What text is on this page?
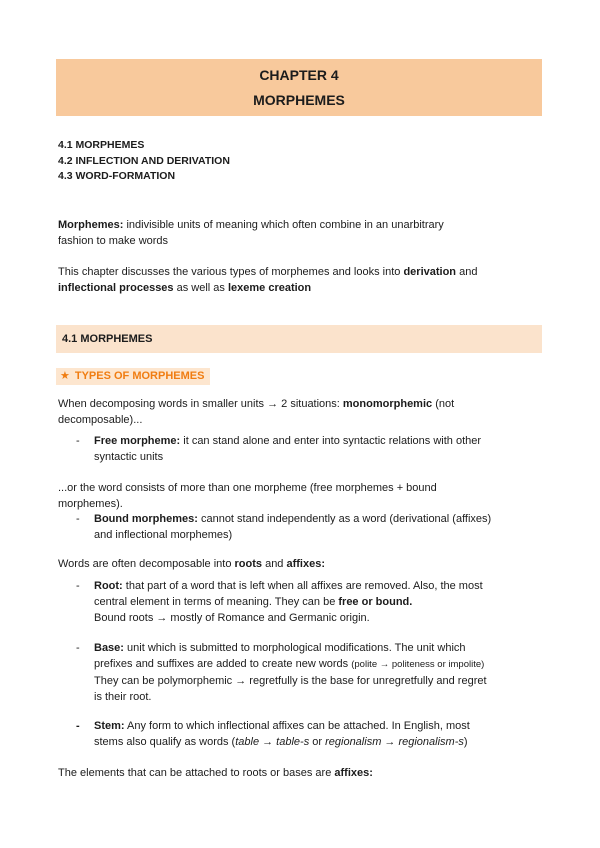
CHAPTER 4
MORPHEMES
4.1 MORPHEMES
4.2 INFLECTION AND DERIVATION
4.3 WORD-FORMATION
Morphemes: indivisible units of meaning which often combine in an unarbitrary
fashion to make words
This chapter discusses the various types of morphemes and looks into derivation and
inflectional processes as well as lexeme creation
4.1 MORPHEMES
★ TYPES OF MORPHEMES
When decomposing words in smaller units → 2 situations: monomorphemic (not
decomposable)...
-	Free morpheme: it can stand alone and enter into syntactic relations with other
syntactic units
...or the word consists of more than one morpheme (free morphemes + bound
morphemes).
-	Bound morphemes: cannot stand independently as a word (derivational (affixes)
and inflectional morphemes)
Words are often decomposable into roots and affixes:
-	Root: that part of a word that is left when all affixes are removed. Also, the most
central element in terms of meaning. They can be free or bound.
Bound roots → mostly of Romance and Germanic origin.
-	Base: unit which is submitted to morphological modifications. The unit which
prefixes and suffixes are added to create new words (polite → politeness or impolite)
They can be polymorphemic → regretfully is the base for unregretfully and regret
is their root.
-	Stem: Any form to which inflectional affixes can be attached. In English, most
stems also qualify as words (table → table-s or regionalism → regionalism-s)
The elements that can be attached to roots or bases are affixes:
